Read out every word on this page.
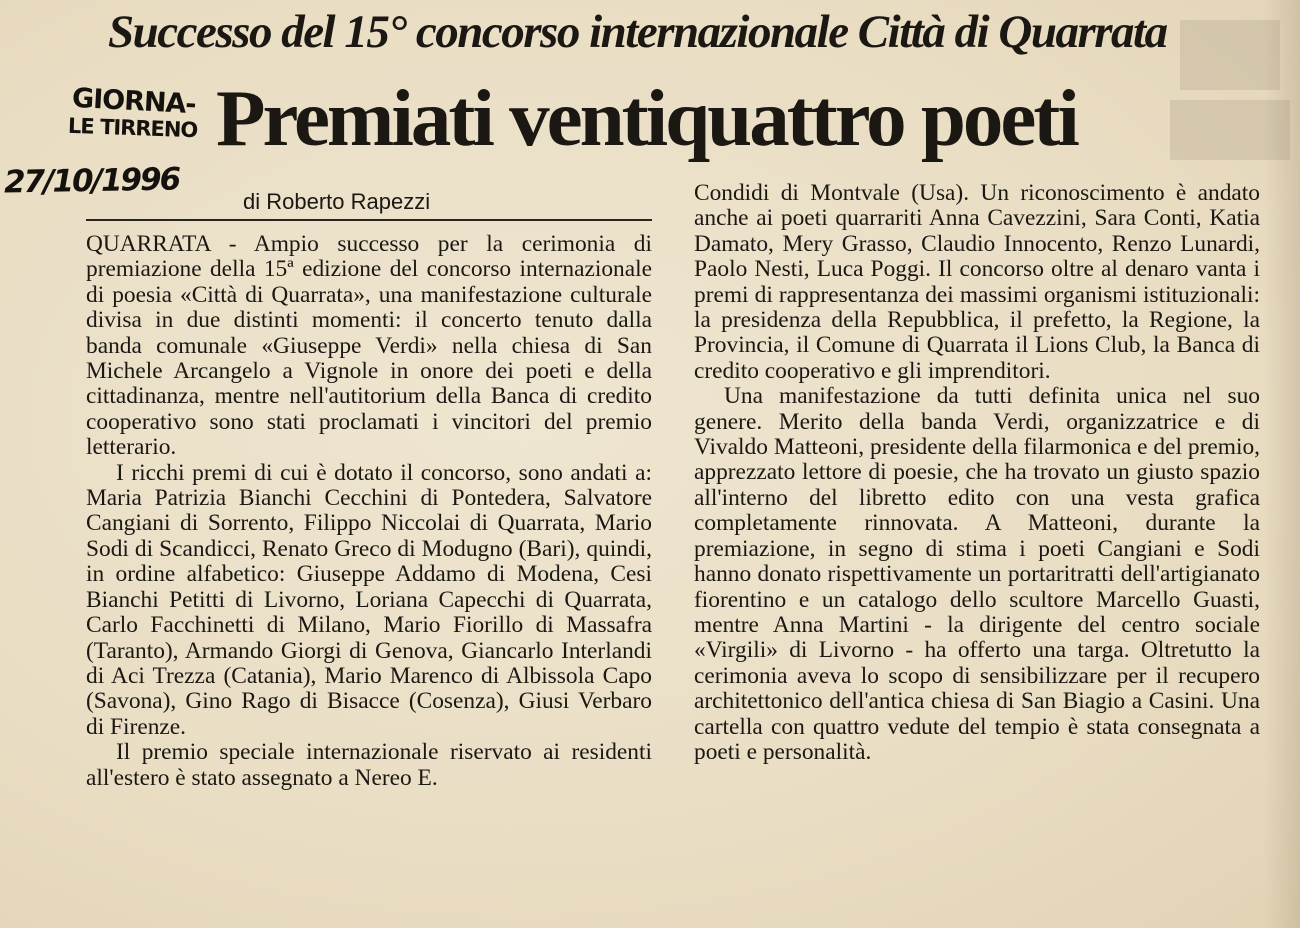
Successo del 15° concorso internazionale Città di Quarrata
Premiati ventiquattro poeti
GIORNA-
LE TIRRENO
27/10/1996
di Roberto Rapezzi

QUARRATA - Ampio successo per la cerimonia di premiazione della 15ª edizione del concorso internazionale di poesia «Città di Quarrata», una manifestazione culturale divisa in due distinti momenti: il concerto tenuto dalla banda comunale «Giuseppe Verdi» nella chiesa di San Michele Arcangelo a Vignole in onore dei poeti e della cittadinanza, mentre nell'autitorium della Banca di credito cooperativo sono stati proclamati i vincitori del premio letterario.

I ricchi premi di cui è dotato il concorso, sono andati a: Maria Patrizia Bianchi Cecchini di Pontedera, Salvatore Cangiani di Sorrento, Filippo Niccolai di Quarrata, Mario Sodi di Scandicci, Renato Greco di Modugno (Bari), quindi, in ordine alfabetico: Giuseppe Addamo di Modena, Cesi Bianchi Petitti di Livorno, Loriana Capecchi di Quarrata, Carlo Facchinetti di Milano, Mario Fiorillo di Massafra (Taranto), Armando Giorgi di Genova, Giancarlo Interlandi di Aci Trezza (Catania), Mario Marenco di Albissola Capo (Savona), Gino Rago di Bisacce (Cosenza), Giusi Verbaro di Firenze.

Il premio speciale internazionale riservato ai residenti all'estero è stato assegnato a Nereo E.

Condidi di Montvale (Usa). Un riconoscimento è andato anche ai poeti quarrariti Anna Cavezzini, Sara Conti, Katia Damato, Mery Grasso, Claudio Innocento, Renzo Lunardi, Paolo Nesti, Luca Poggi. Il concorso oltre al denaro vanta i premi di rappresentanza dei massimi organismi istituzionali: la presidenza della Repubblica, il prefetto, la Regione, la Provincia, il Comune di Quarrata il Lions Club, la Banca di credito cooperativo e gli imprenditori.

Una manifestazione da tutti definita unica nel suo genere. Merito della banda Verdi, organizzatrice e di Vivaldo Matteoni, presidente della filarmonica e del premio, apprezzato lettore di poesie, che ha trovato un giusto spazio all'interno del libretto edito con una vesta grafica completamente rinnovata. A Matteoni, durante la premiazione, in segno di stima i poeti Cangiani e Sodi hanno donato rispettivamente un portaritratti dell'artigianato fiorentino e un catalogo dello scultore Marcello Guasti, mentre Anna Martini - la dirigente del centro sociale «Virgili» di Livorno - ha offerto una targa. Oltretutto la cerimonia aveva lo scopo di sensibilizzare per il recupero architettonico dell'antica chiesa di San Biagio a Casini. Una cartella con quattro vedute del tempio è stata consegnata a poeti e personalità.
